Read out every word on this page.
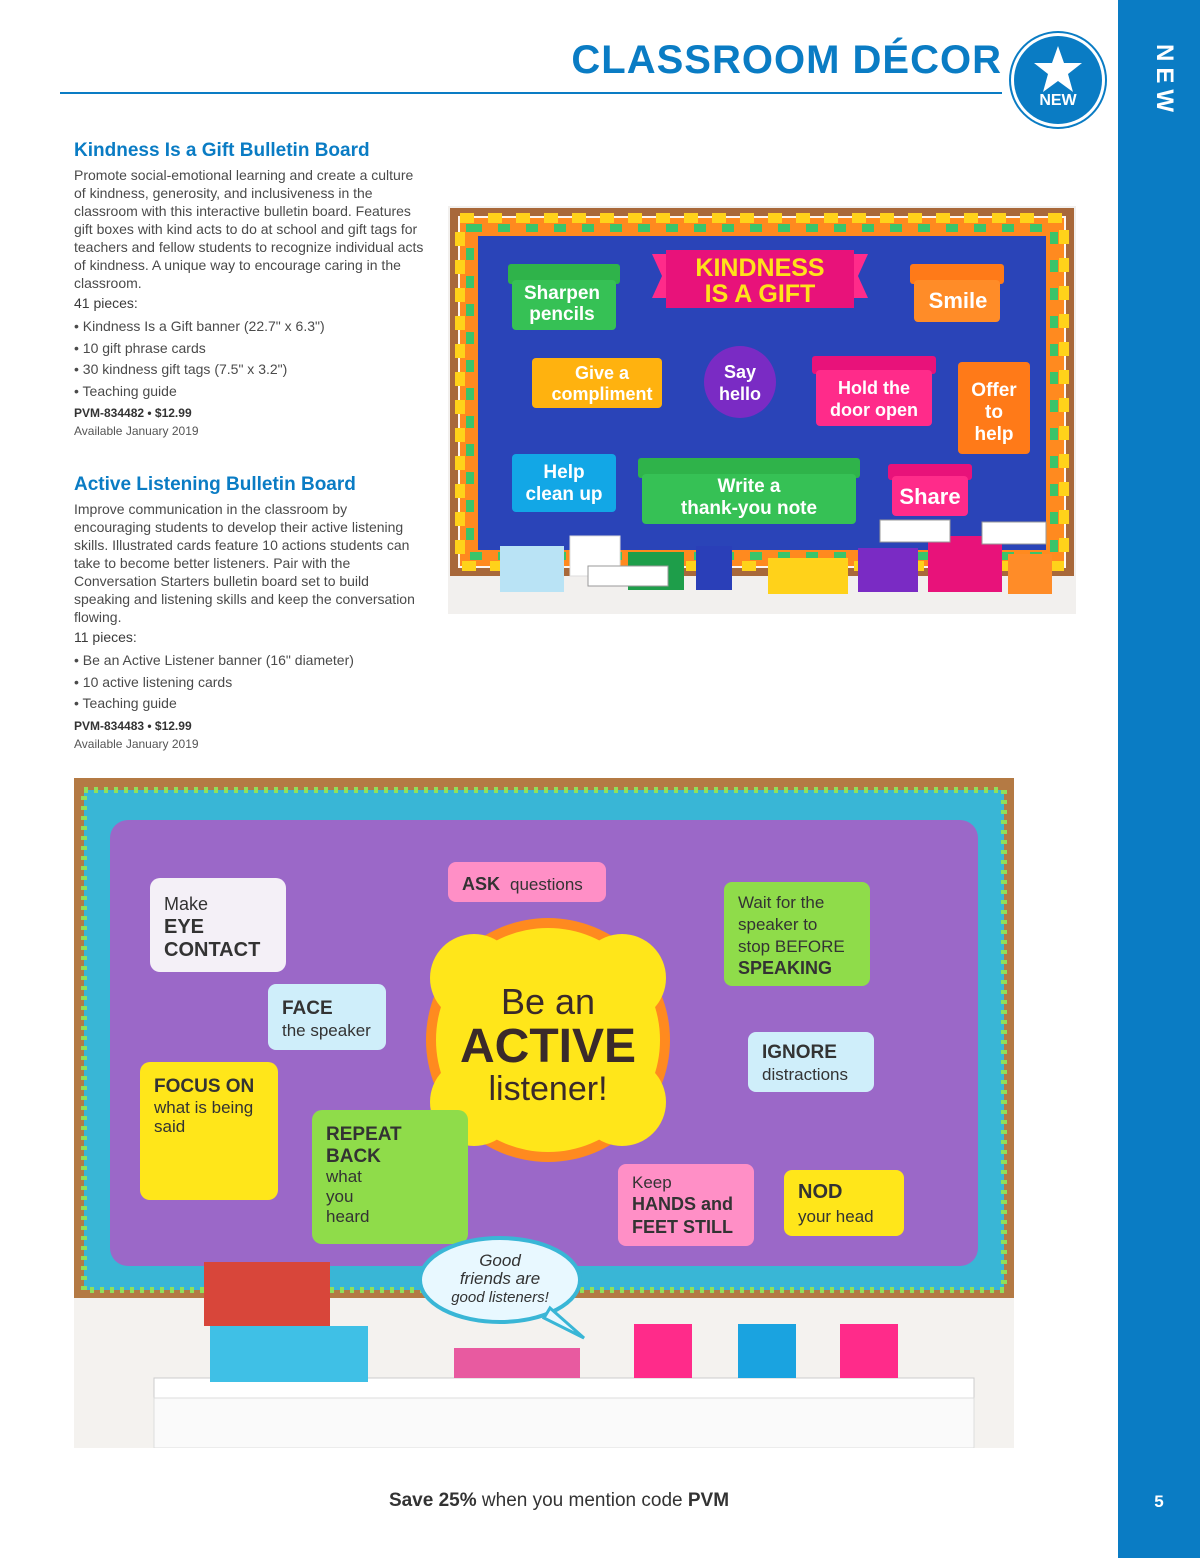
NEW
5
CLASSROOM DÉCOR
NEW
Kindness Is a Gift Bulletin Board

Promote social-emotional learning and create a culture of kindness, generosity, and inclusiveness in the classroom with this interactive bulletin board. Features gift boxes with kind acts to do at school and gift tags for teachers and fellow students to recognize individual acts of kindness. A unique way to encourage caring in the classroom.

41 pieces:
• Kindness Is a Gift banner (22.7" x 6.3")
• 10 gift phrase cards
• 30 kindness gift tags (7.5" x 3.2")
• Teaching guide
PVM-834482 • $12.99
Available January 2019
Active Listening Bulletin Board

Improve communication in the classroom by encouraging students to develop their active listening skills. Illustrated cards feature 10 actions students can take to become better listeners. Pair with the Conversation Starters bulletin board set to build speaking and listening skills and keep the conversation flowing.

11 pieces:
• Be an Active Listener banner (16" diameter)
• 10 active listening cards
• Teaching guide
PVM-834483 • $12.99
Available January 2019
KINDNESS
IS A GIFT
Sharpen
pencils
Smile
Give a
compliment
Say
hello	Hold the
door open
Offer
to
help
Help
clean up	Write a
thank-you note	Share
Be an
ACTIVE
listener!
Make
EYE
CONTACT
ASK questions
Wait for the
speaker to
stop BEFORE
SPEAKING
FACE
the speaker
IGNORE
distractions
FOCUS ON
what is being
said	REPEAT
BACK
what
you
heard
Keep
HANDS and
FEET STILL
NOD
your head
Good
friends are
good listeners!
Save 25% when you mention code PVM
